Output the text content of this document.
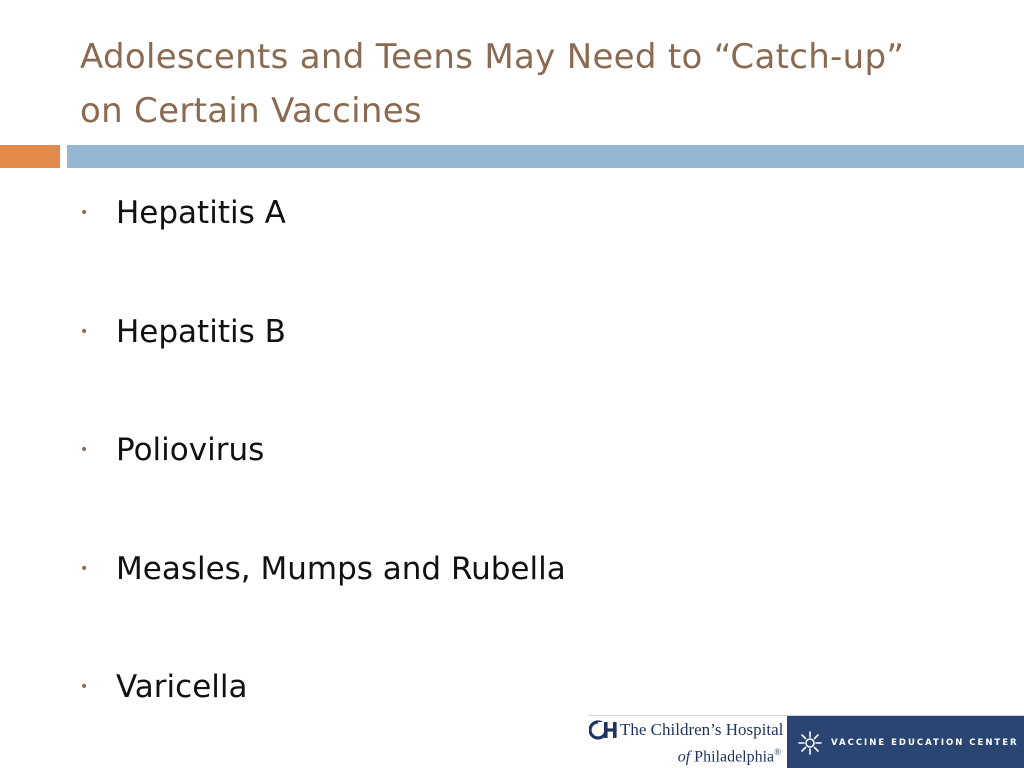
Adolescents and Teens May Need to “Catch-up”
on Certain Vaccines
• Hepatitis A
• Hepatitis B
• Poliovirus
• Measles, Mumps and Rubella
• Varicella
The Children’s Hospital
of Philadelphia®
VACCINE EDUCATION CENTER
